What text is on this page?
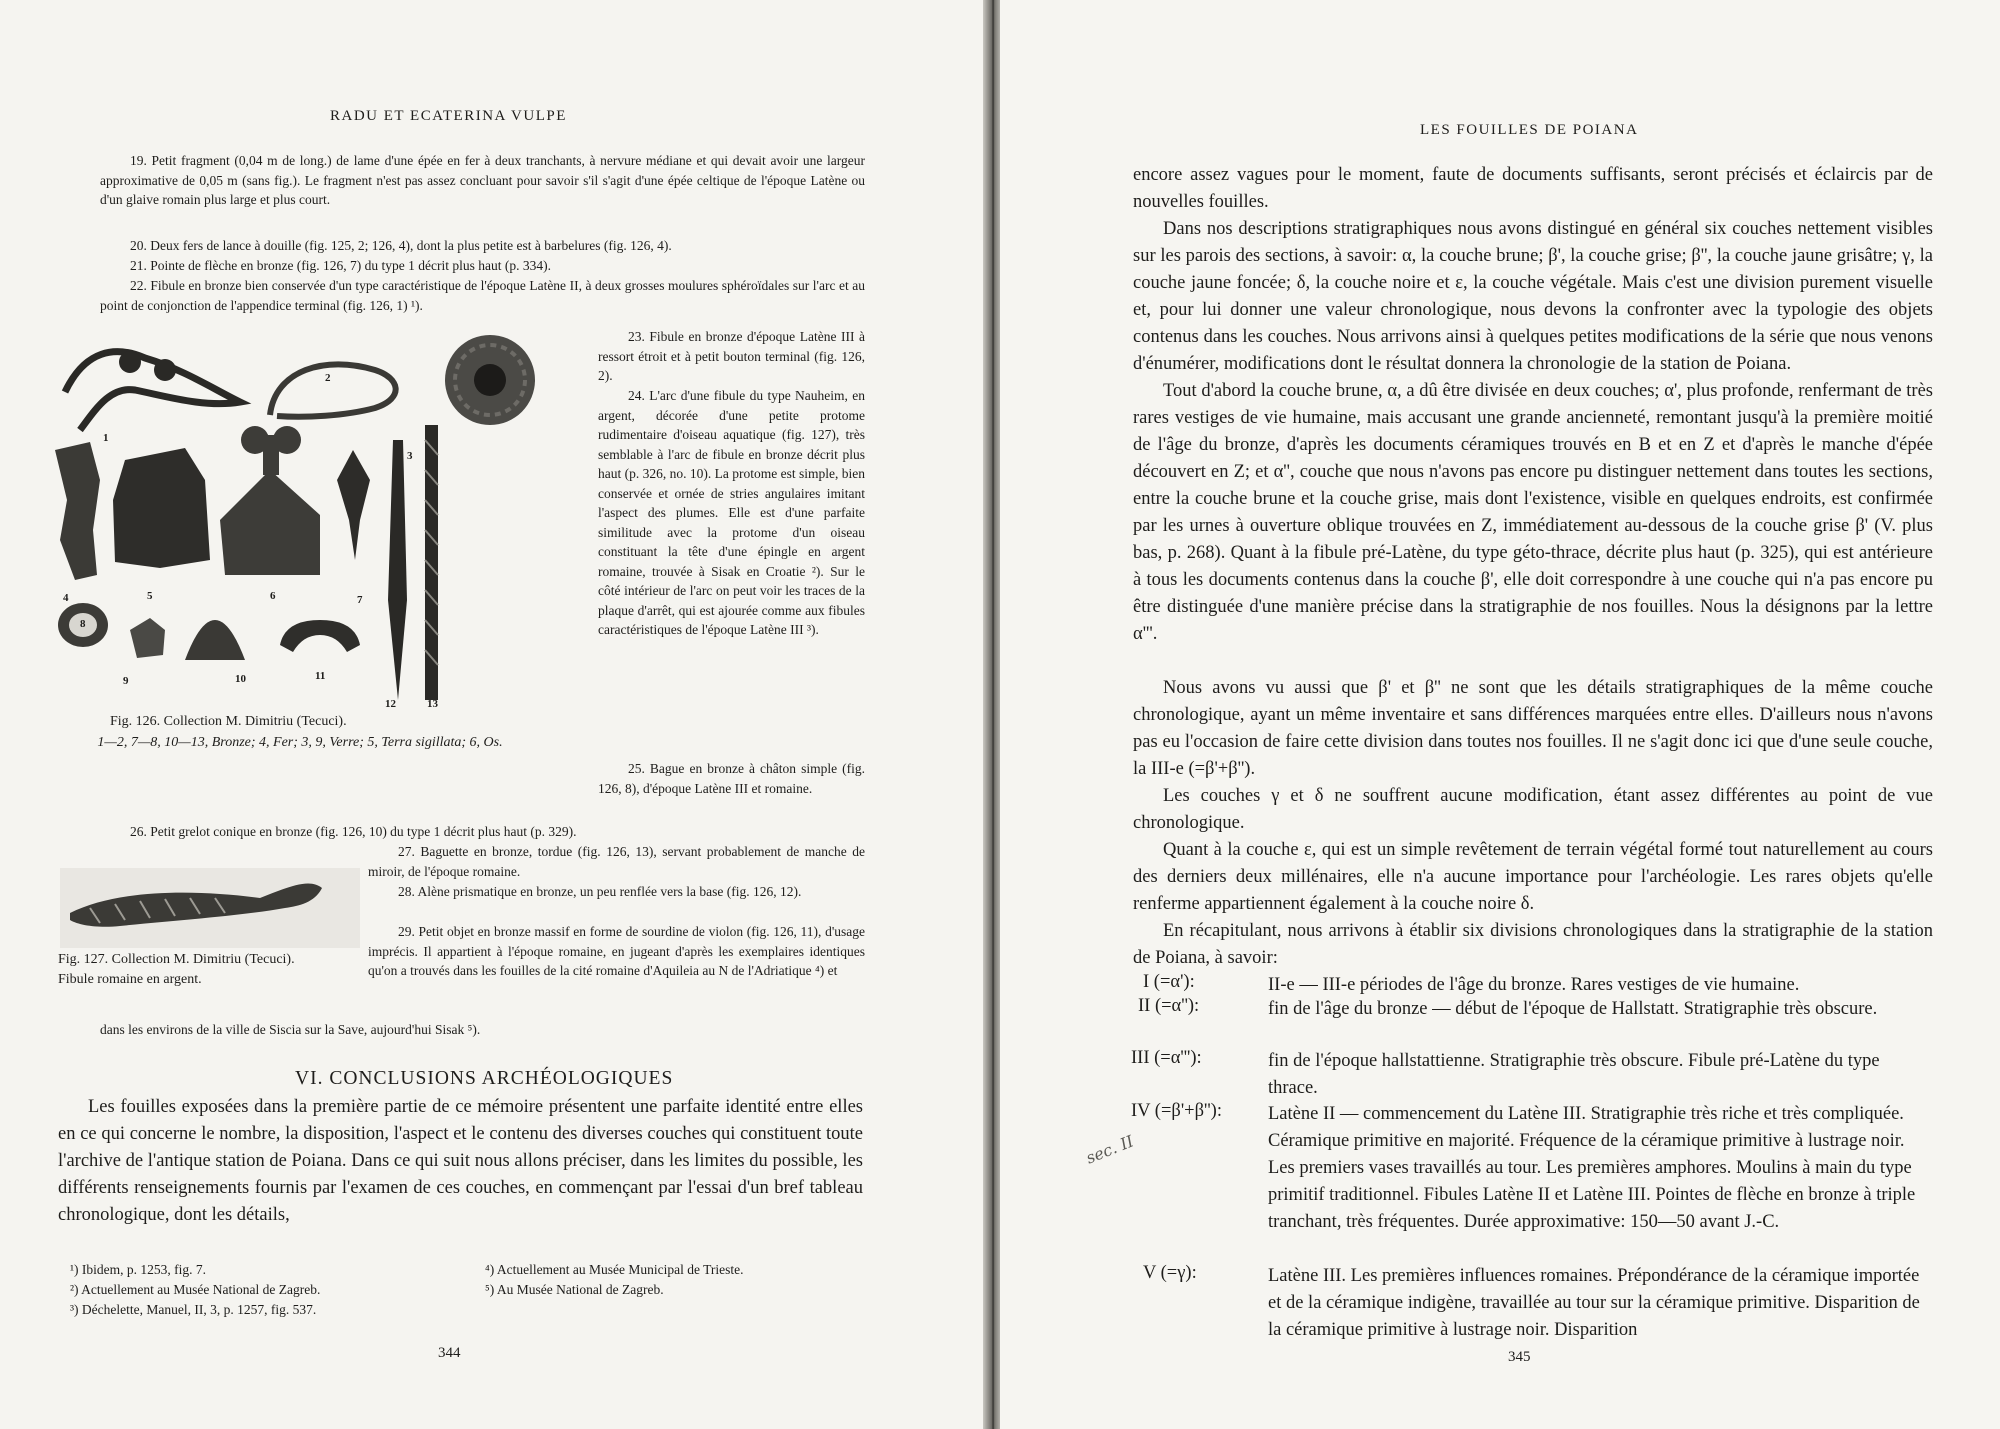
RADU ET ECATERINA VULPE

19. Petit fragment (0,04 m de long.) de lame d'une épée en fer à deux tranchants, à nervure médiane et qui devait avoir une largeur approximative de 0,05 m (sans fig.). Le fragment n'est pas assez concluant pour savoir s'il s'agit d'une épée celtique de l'époque Latène ou d'un glaive romain plus large et plus court.

20. Deux fers de lance à douille (fig. 125, 2; 126, 4), dont la plus petite est à barbelures (fig. 126, 4).

21. Pointe de flèche en bronze (fig. 126, 7) du type 1 décrit plus haut (p. 334).

22. Fibule en bronze bien conservée d'un type caractéristique de l'époque Latène II, à deux grosses moulures sphéroïdales sur l'arc et au point de conjonction de l'appendice terminal (fig. 126, 1) ¹).

1
2
3
4	5	6	7
8
9	10	11
12	13
Fig. 126. Collection M. Dimitriu (Tecuci).
1—2, 7—8, 10—13, Bronze; 4, Fer; 3, 9, Verre; 5, Terra sigillata; 6, Os.

23. Fibule en bronze d'époque Latène III à ressort étroit et à petit bouton terminal (fig. 126, 2).

24. L'arc d'une fibule du type Nauheim, en argent, décorée d'une petite protome rudimentaire d'oiseau aquatique (fig. 127), très semblable à l'arc de fibule en bronze décrit plus haut (p. 326, no. 10). La protome est simple, bien conservée et ornée de stries angulaires imitant l'aspect des plumes. Elle est d'une parfaite similitude avec la protome d'un oiseau constituant la tête d'une épingle en argent romaine, trouvée à Sisak en Croatie ²). Sur le côté intérieur de l'arc on peut voir les traces de la plaque d'arrêt, qui est ajourée comme aux fibules caractéristiques de l'époque Latène III ³).

25. Bague en bronze à châton simple (fig. 126, 8), d'époque Latène III et romaine.

26. Petit grelot conique en bronze (fig. 126, 10) du type 1 décrit plus haut (p. 329).

Fig. 127. Collection M. Dimitriu (Tecuci). Fibule romaine en argent.

27. Baguette en bronze, tordue (fig. 126, 13), servant probablement de manche de miroir, de l'époque romaine.

28. Alène prismatique en bronze, un peu renflée vers la base (fig. 126, 12).

29. Petit objet en bronze massif en forme de sourdine de violon (fig. 126, 11), d'usage imprécis. Il appartient à l'époque romaine, en jugeant d'après les exemplaires identiques qu'on a trouvés dans les fouilles de la cité romaine d'Aquileia au N de l'Adriatique ⁴) et

dans les environs de la ville de Siscia sur la Save, aujourd'hui Sisak ⁵).

VI. CONCLUSIONS ARCHÉOLOGIQUES

Les fouilles exposées dans la première partie de ce mémoire présentent une parfaite identité entre elles en ce qui concerne le nombre, la disposition, l'aspect et le contenu des diverses couches qui constituent toute l'archive de l'antique station de Poiana. Dans ce qui suit nous allons préciser, dans les limites du possible, les différents renseignements fournis par l'examen de ces couches, en commençant par l'essai d'un bref tableau chronologique, dont les détails,

¹) Ibidem, p. 1253, fig. 7.
²) Actuellement au Musée National de Zagreb.
³) Déchelette, Manuel, II, 3, p. 1257, fig. 537.
⁴) Actuellement au Musée Municipal de Trieste.
⁵) Au Musée National de Zagreb.
344
LES FOUILLES DE POIANA

encore assez vagues pour le moment, faute de documents suffisants, seront précisés et éclaircis par de nouvelles fouilles.

Dans nos descriptions stratigraphiques nous avons distingué en général six couches nettement visibles sur les parois des sections, à savoir: α, la couche brune; β', la couche grise; β'', la couche jaune grisâtre; γ, la couche jaune foncée; δ, la couche noire et ε, la couche végétale. Mais c'est une division purement visuelle et, pour lui donner une valeur chronologique, nous devons la confronter avec la typologie des objets contenus dans les couches. Nous arrivons ainsi à quelques petites modifications de la série que nous venons d'énumérer, modifications dont le résultat donnera la chronologie de la station de Poiana.

Tout d'abord la couche brune, α, a dû être divisée en deux couches; α', plus profonde, renfermant de très rares vestiges de vie humaine, mais accusant une grande ancienneté, remontant jusqu'à la première moitié de l'âge du bronze, d'après les documents céramiques trouvés en B et en Z et d'après le manche d'épée découvert en Z; et α'', couche que nous n'avons pas encore pu distinguer nettement dans toutes les sections, entre la couche brune et la couche grise, mais dont l'existence, visible en quelques endroits, est confirmée par les urnes à ouverture oblique trouvées en Z, immédiatement au-dessous de la couche grise β' (V. plus bas, p. 268). Quant à la fibule pré-Latène, du type géto-thrace, décrite plus haut (p. 325), qui est antérieure à tous les documents contenus dans la couche β', elle doit correspondre à une couche qui n'a pas encore pu être distinguée d'une manière précise dans la stratigraphie de nos fouilles. Nous la désignons par la lettre α'''.

Nous avons vu aussi que β' et β'' ne sont que les détails stratigraphiques de la même couche chronologique, ayant un même inventaire et sans différences marquées entre elles. D'ailleurs nous n'avons pas eu l'occasion de faire cette division dans toutes nos fouilles. Il ne s'agit donc ici que d'une seule couche, la III-e (=β'+β'').

Les couches γ et δ ne souffrent aucune modification, étant assez différentes au point de vue chronologique.

Quant à la couche ε, qui est un simple revêtement de terrain végétal formé tout naturellement au cours des derniers deux millénaires, elle n'a aucune importance pour l'archéologie. Les rares objets qu'elle renferme appartiennent également à la couche noire δ.

En récapitulant, nous arrivons à établir six divisions chronologiques dans la stratigraphie de la station de Poiana, à savoir:

I (=α'):	II-e — III-e périodes de l'âge du bronze. Rares vestiges de vie humaine.

II (=α''):	fin de l'âge du bronze — début de l'époque de Hallstatt. Stratigraphie très obscure.

III (=α'''):	fin de l'époque hallstattienne. Stratigraphie très obscure. Fibule pré-Latène du type thrace.

IV (=β'+β''): Latène II — commencement du Latène III. Stratigraphie très riche et très compliquée. Céramique primitive en majorité. Fréquence de la céramique primitive à lustrage noir. Les premiers vases travaillés au tour. Les premières amphores. Moulins à main du type primitif traditionnel. Fibules Latène II et Latène III. Pointes de flèche en bronze à triple tranchant, très fréquentes. Durée approximative: 150—50 avant J.-C.

V (=γ):	Latène III. Les premières influences romaines. Prépondérance de la céramique importée et de la céramique indigène, travaillée au tour sur la céramique primitive. Disparition de la céramique primitive à lustrage noir. Disparition

sec. II
345
